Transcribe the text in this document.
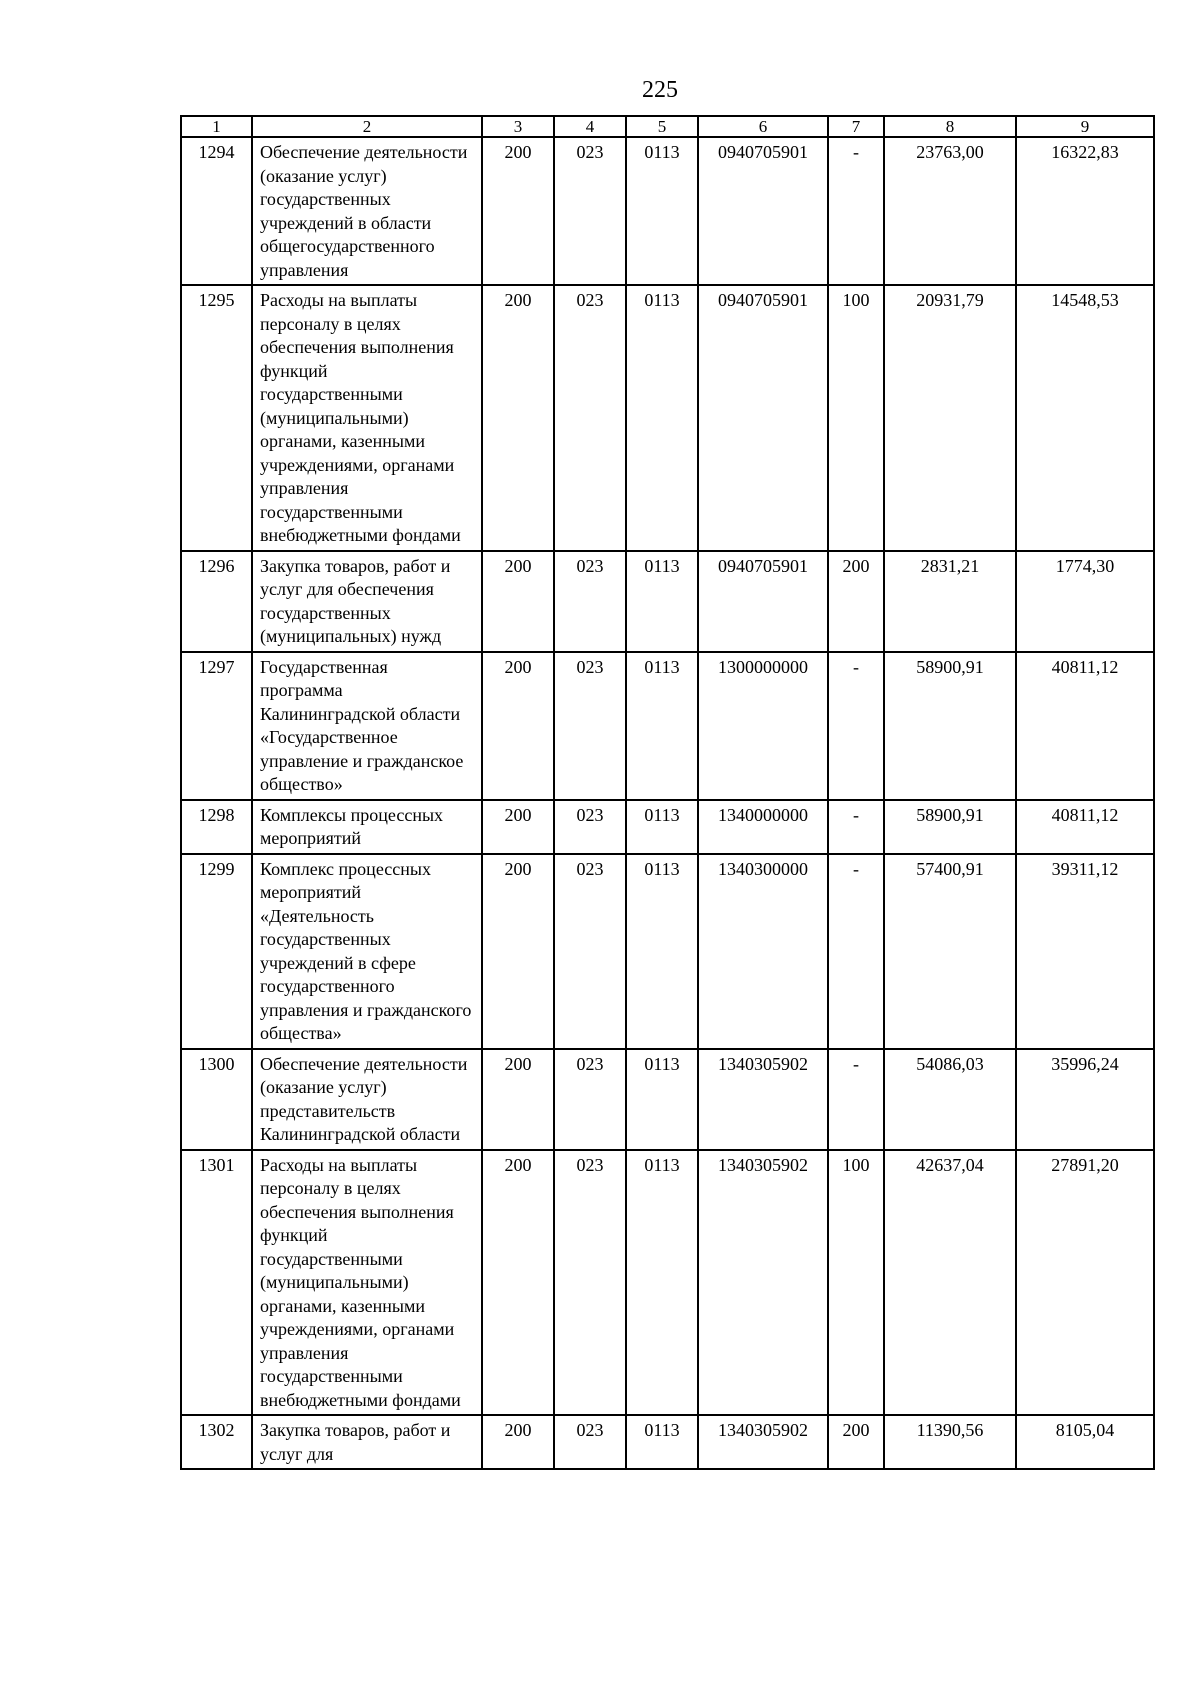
225
1	2	3	4	5	6	7	8	9
1294	Обеспечение деятельности (оказание услуг) государственных учреждений в области общегосударственного управления	200	023	0113	0940705901	-	23763,00	16322,83
1295	Расходы на выплаты персоналу в целях обеспечения выполнения функций государственными (муниципальными) органами, казенными учреждениями, органами управления государственными внебюджетными фондами	200	023	0113	0940705901	100	20931,79	14548,53
1296	Закупка товаров, работ и услуг для обеспечения государственных (муниципальных) нужд	200	023	0113	0940705901	200	2831,21	1774,30
1297	Государственная программа Калининградской области «Государственное управление и гражданское общество»	200	023	0113	1300000000	-	58900,91	40811,12
1298	Комплексы процессных мероприятий	200	023	0113	1340000000	-	58900,91	40811,12
1299	Комплекс процессных мероприятий «Деятельность государственных учреждений в сфере государственного управления и гражданского общества»	200	023	0113	1340300000	-	57400,91	39311,12
1300	Обеспечение деятельности (оказание услуг) представительств Калининградской области	200	023	0113	1340305902	-	54086,03	35996,24
1301	Расходы на выплаты персоналу в целях обеспечения выполнения функций государственными (муниципальными) органами, казенными учреждениями, органами управления государственными внебюджетными фондами	200	023	0113	1340305902	100	42637,04	27891,20
1302	Закупка товаров, работ и услуг для	200	023	0113	1340305902	200	11390,56	8105,04
